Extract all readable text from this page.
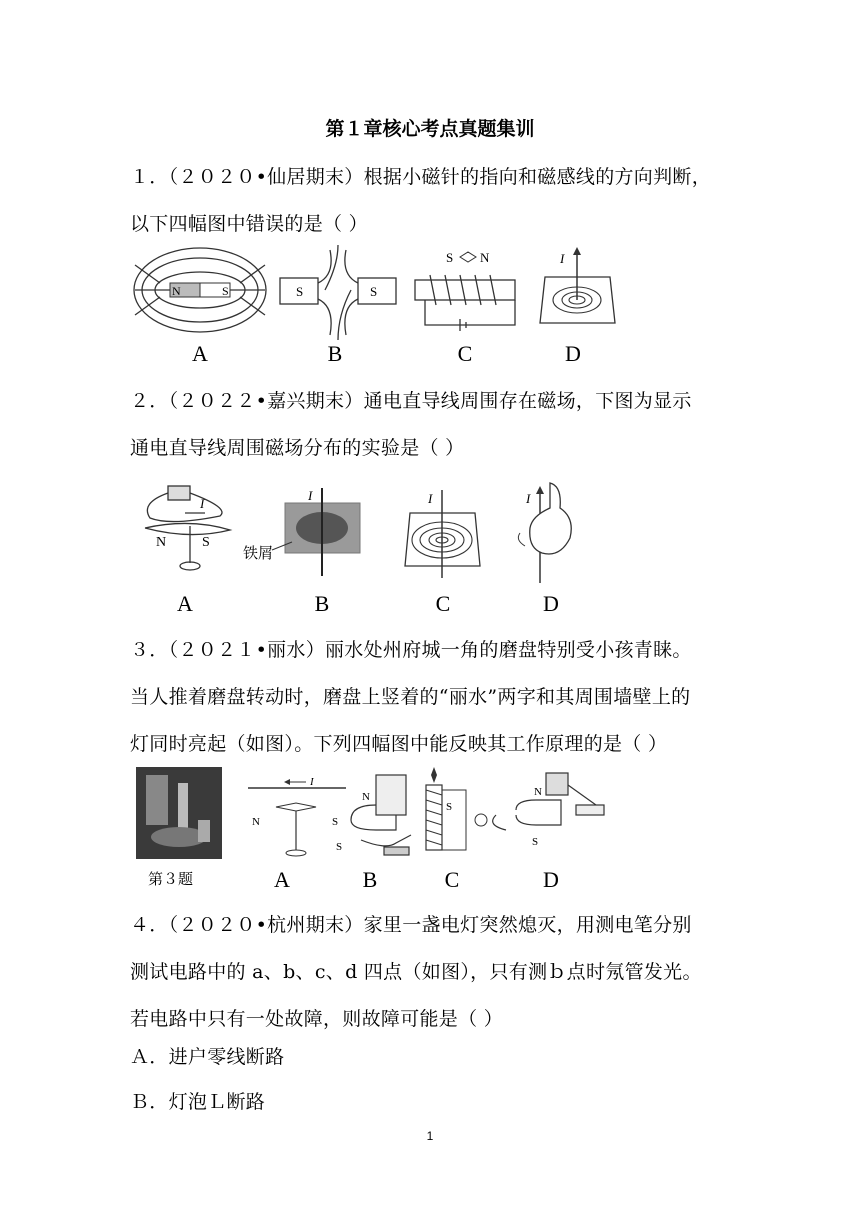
第１章核心考点真题集训
１．（２０２０•仙居期末）根据小磁针的指向和磁感线的方向判断，
以下四幅图中错误的是（ ）
N	S	S	S
S N	I
A	B	C	D
２．（２０２２•嘉兴期末）通电直导线周围存在磁场，下图为显示
通电直导线周围磁场分布的实验是（ ）
I
N	S
I
铁屑
I	I
A	B	C	D
３．（２０２１•丽水）丽水处州府城一角的磨盘特别受小孩青睐。
当人推着磨盘转动时，磨盘上竖着的“丽水”两字和其周围墙壁上的
灯同时亮起（如图）。下列四幅图中能反映其工作原理的是（ ）
I
N	S
S
N
S
N
S
第３题	A	B	C	D
４．（２０２０•杭州期末）家里一盏电灯突然熄灭，用测电笔分别
测试电路中的 a、b、c、d 四点（如图），只有测ｂ点时氖管发光。
若电路中只有一处故障，则故障可能是（ ）
Ａ．进户零线断路
Ｂ．灯泡Ｌ断路
1
